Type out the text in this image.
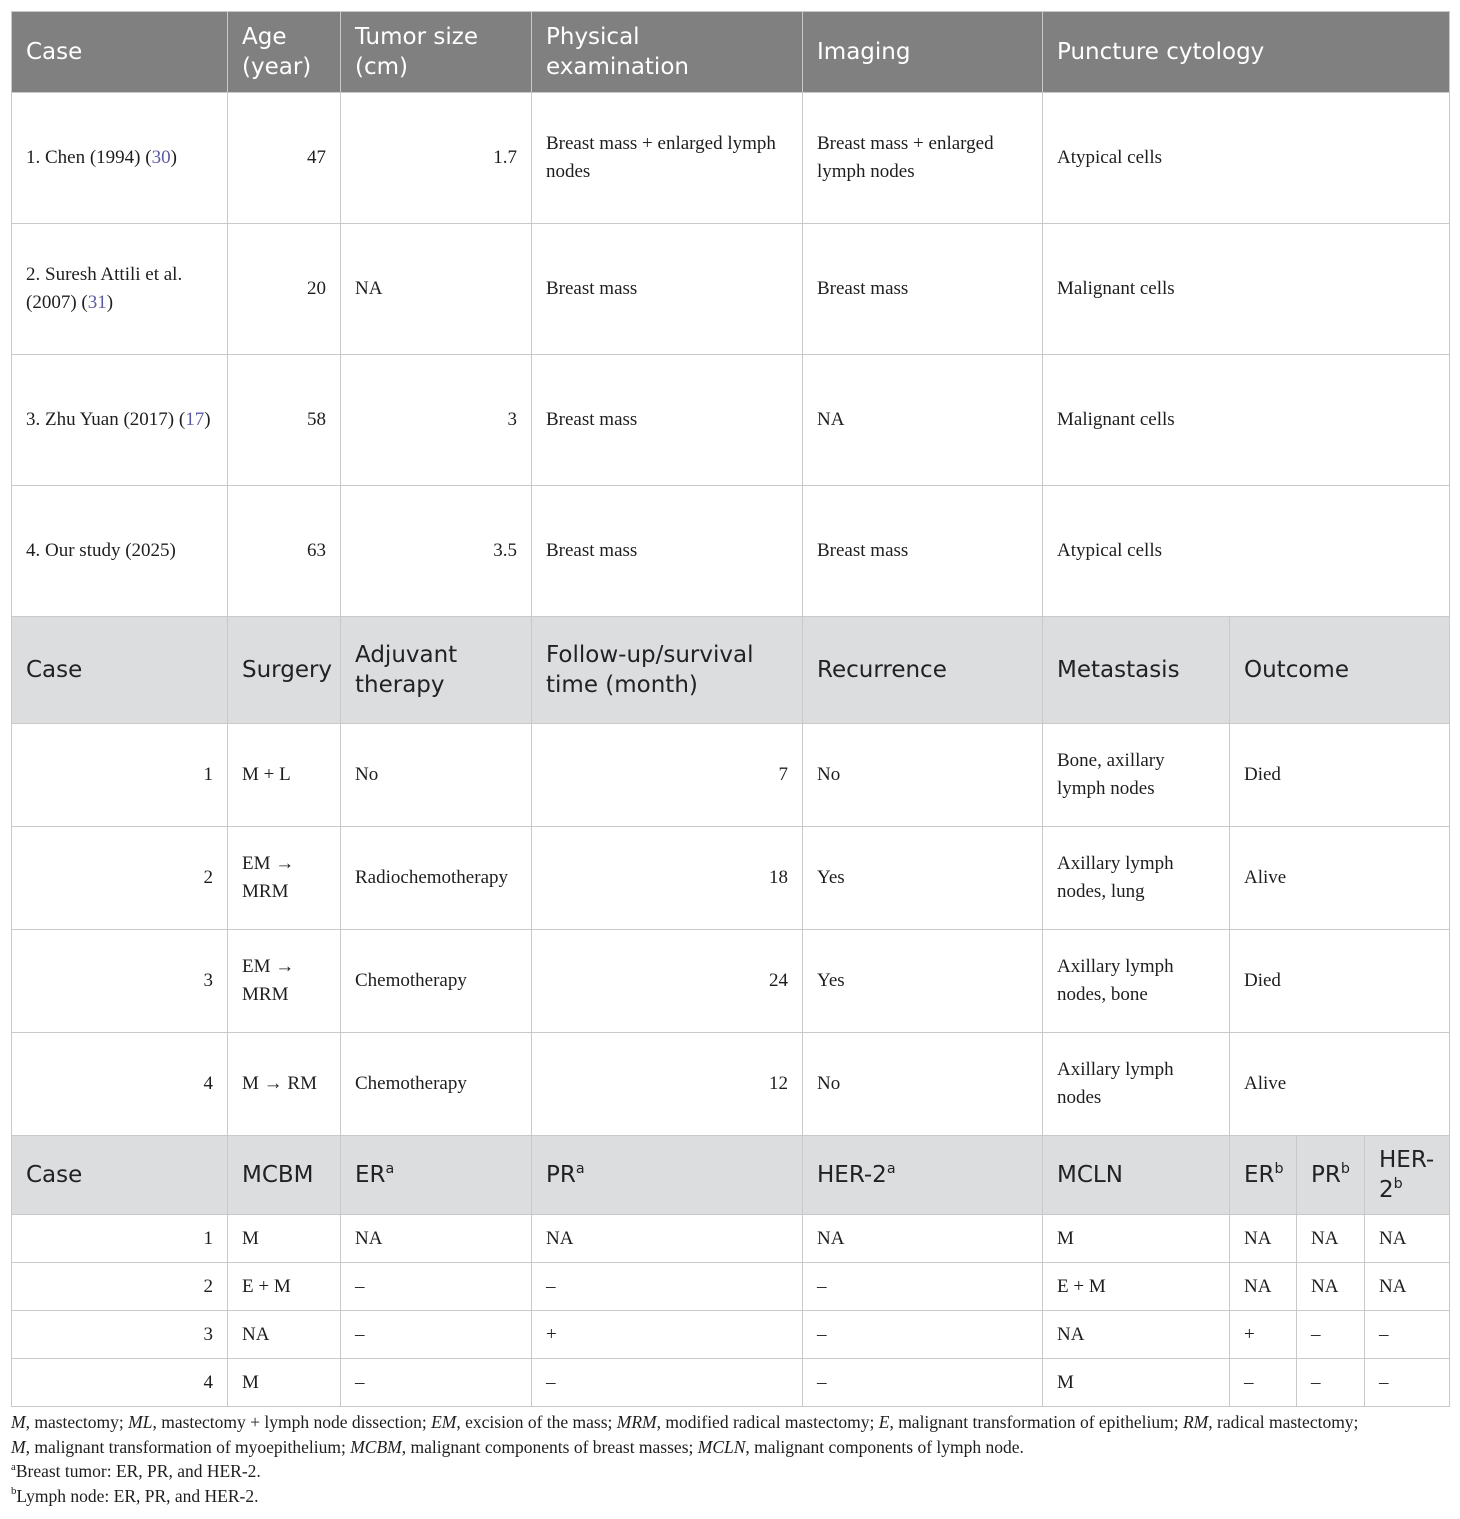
Case	Age (year)	Tumor size (cm)	Physical examination	Imaging	Puncture cytology			
1. Chen (1994) (30)	47	1.7	Breast mass + enlarged lymph nodes	Breast mass + enlarged lymph nodes	Atypical cells			
2. Suresh Attili et al. (2007) (31)	20	NA	Breast mass	Breast mass	Malignant cells			
3. Zhu Yuan (2017) (17)	58	3	Breast mass	NA	Malignant cells			
4. Our study (2025)	63	3.5	Breast mass	Breast mass	Atypical cells			
Case	Surgery	Adjuvant therapy	Follow-up/survival time (month)	Recurrence	Metastasis	Outcome		
1	M + L	No	7	No	Bone, axillary lymph nodes	Died		
2	EM → MRM	Radiochemotherapy	18	Yes	Axillary lymph nodes, lung	Alive		
3	EM → MRM	Chemotherapy	24	Yes	Axillary lymph nodes, bone	Died		
4	M → RM	Chemotherapy	12	No	Axillary lymph nodes	Alive		
Case	MCBM	$ER^a$	$PR^a$	HER-2$^a$	MCLN	$ER^b$	$PR^b$	HER-2$^b$
1	M	NA	NA	NA	M	NA	NA	NA
2	E + M	–	–	–	E + M	NA	NA	NA
3	NA	–	+	–	NA	+	–	–
4	M	–	–	–	M	–	–	–

M, mastectomy; ML, mastectomy + lymph node dissection; EM, excision of the mass; MRM, modified radical mastectomy; E, malignant transformation of epithelium; RM, radical mastectomy;
M, malignant transformation of myoepithelium; MCBM, malignant components of breast masses; MCLN, malignant components of lymph node.

$^a$Breast tumor: ER, PR, and HER-2.

$^b$Lymph node: ER, PR, and HER-2.
